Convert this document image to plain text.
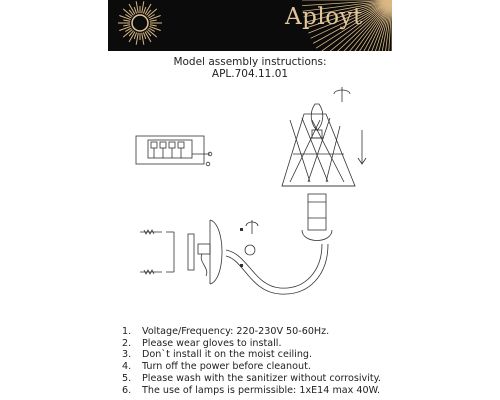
Aployt
Model assembly instructions:
APL.704.11.01
1. Voltage/Frequency: 220-230V 50-60Hz.
2. Please wear gloves to install.
3. Don`t install it on the moist ceiling.
4. Turn off the power before cleanout.
5. Please wash with the sanitizer without corrosivity.
6. The use of lamps is permissible: 1xE14 max 40W.
